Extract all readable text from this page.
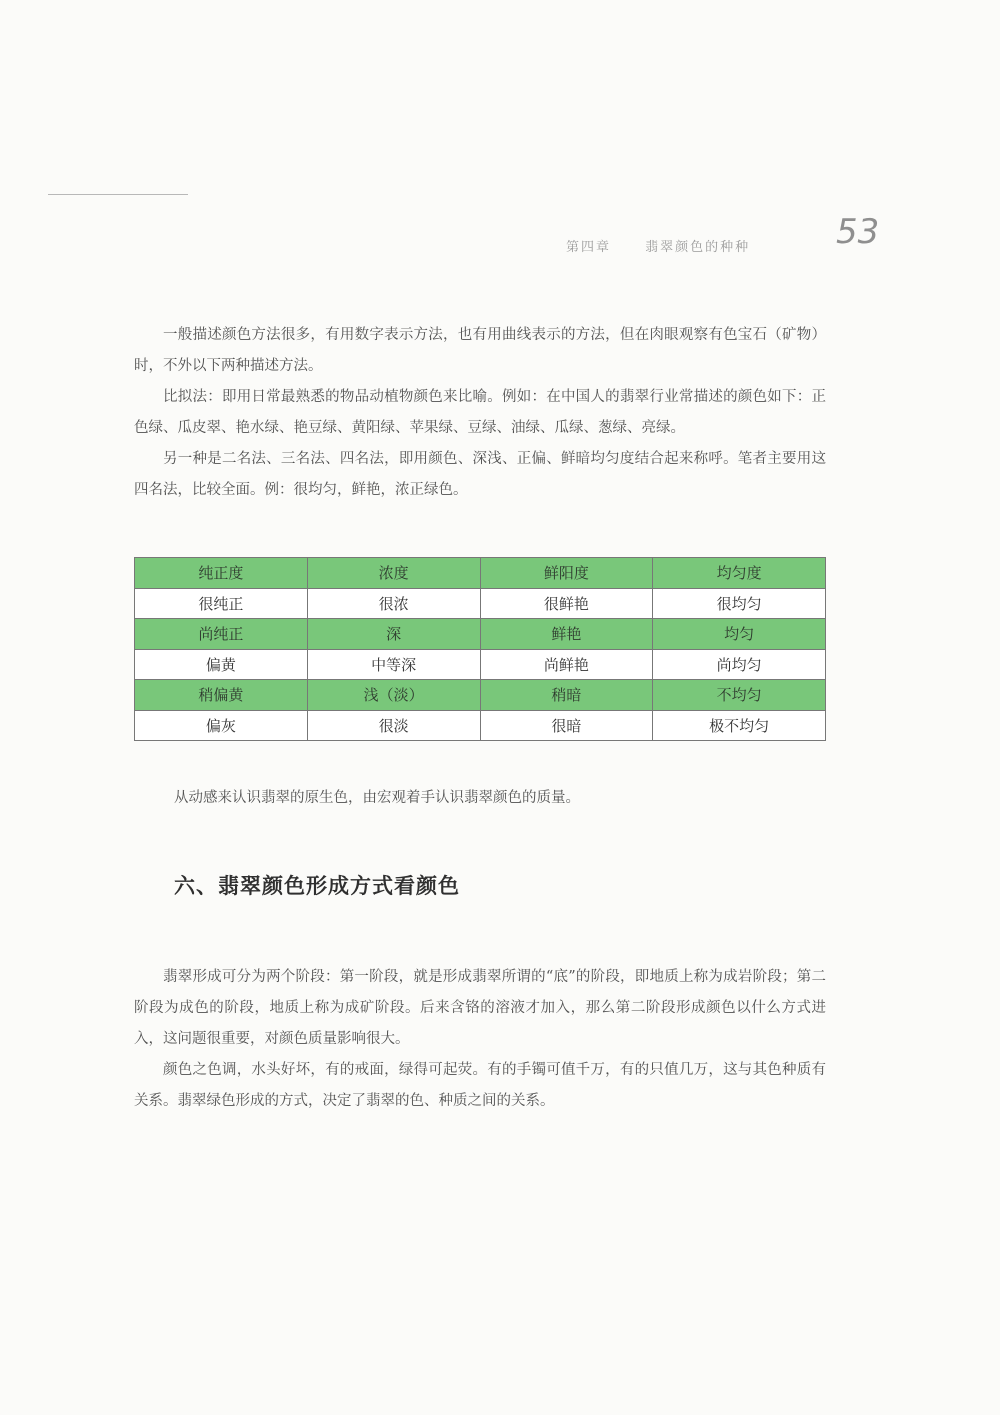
第四章	翡翠颜色的种种	53

一般描述颜色方法很多，有用数字表示方法，也有用曲线表示的方法，但在肉眼观察有色宝石（矿物）时，不外以下两种描述方法。

比拟法：即用日常最熟悉的物品动植物颜色来比喻。例如：在中国人的翡翠行业常描述的颜色如下：正色绿、瓜皮翠、艳水绿、艳豆绿、黄阳绿、苹果绿、豆绿、油绿、瓜绿、葱绿、亮绿。

另一种是二名法、三名法、四名法，即用颜色、深浅、正偏、鲜暗均匀度结合起来称呼。笔者主要用这四名法，比较全面。例：很均匀，鲜艳，浓正绿色。

纯正度	浓度	鲜阳度	均匀度
很纯正	很浓	很鲜艳	很均匀
尚纯正	深	鲜艳	均匀
偏黄	中等深	尚鲜艳	尚均匀
稍偏黄	浅（淡）	稍暗	不均匀
偏灰	很淡	很暗	极不均匀
从动感来认识翡翠的原生色，由宏观着手认识翡翠颜色的质量。
六、翡翠颜色形成方式看颜色

翡翠形成可分为两个阶段：第一阶段，就是形成翡翠所谓的“底”的阶段，即地质上称为成岩阶段；第二阶段为成色的阶段，地质上称为成矿阶段。后来含铬的溶液才加入，那么第二阶段形成颜色以什么方式进入，这问题很重要，对颜色质量影响很大。

颜色之色调，水头好坏，有的戒面，绿得可起荧。有的手镯可值千万，有的只值几万，这与其色种质有关系。翡翠绿色形成的方式，决定了翡翠的色、种质之间的关系。
